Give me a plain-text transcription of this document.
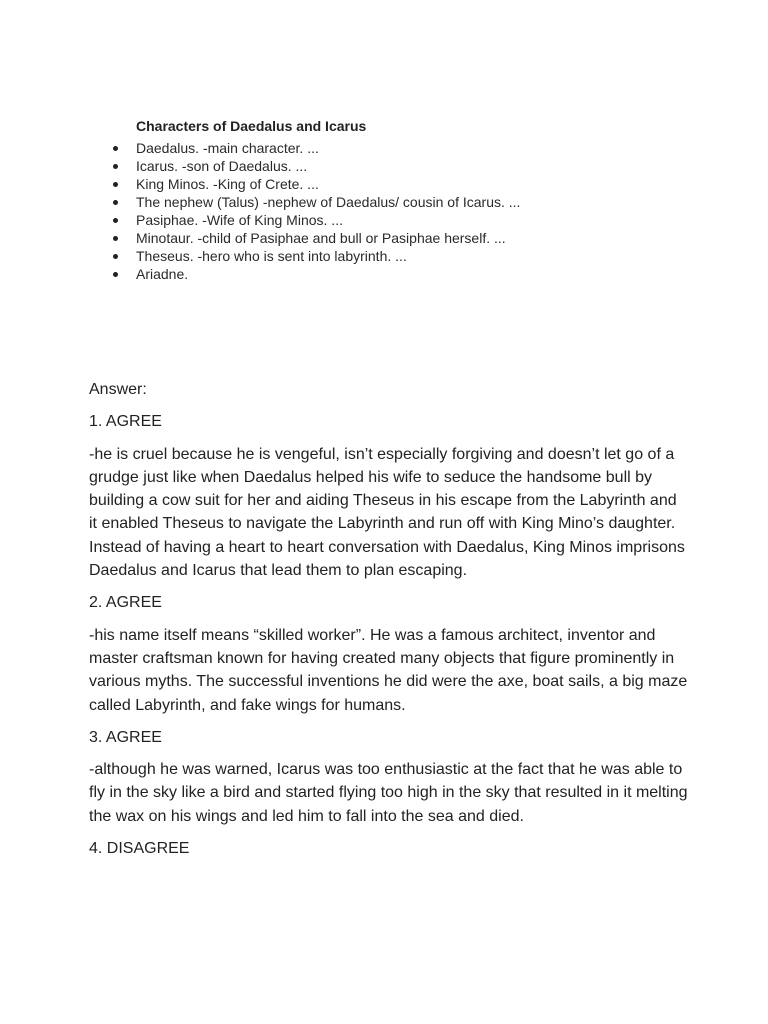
Characters of Daedalus and Icarus
Daedalus. -main character. ...
Icarus. -son of Daedalus. ...
King Minos. -King of Crete. ...
The nephew (Talus) -nephew of Daedalus/ cousin of Icarus. ...
Pasiphae. -Wife of King Minos. ...
Minotaur. -child of Pasiphae and bull or Pasiphae herself. ...
Theseus. -hero who is sent into labyrinth. ...
Ariadne.

Answer:

1. AGREE

-he is cruel because he is vengeful, isn’t especially forgiving and doesn’t let go of a grudge just like when Daedalus helped his wife to seduce the handsome bull by building a cow suit for her and aiding Theseus in his escape from the Labyrinth and it enabled Theseus to navigate the Labyrinth and run off with King Mino’s daughter. Instead of having a heart to heart conversation with Daedalus, King Minos imprisons Daedalus and Icarus that lead them to plan escaping.

2. AGREE

-his name itself means “skilled worker”. He was a famous architect, inventor and master craftsman known for having created many objects that figure prominently in various myths. The successful inventions he did were the axe, boat sails, a big maze called Labyrinth, and fake wings for humans.

3. AGREE

-although he was warned, Icarus was too enthusiastic at the fact that he was able to fly in the sky like a bird and started flying too high in the sky that resulted in it melting the wax on his wings and led him to fall into the sea and died.

4. DISAGREE
